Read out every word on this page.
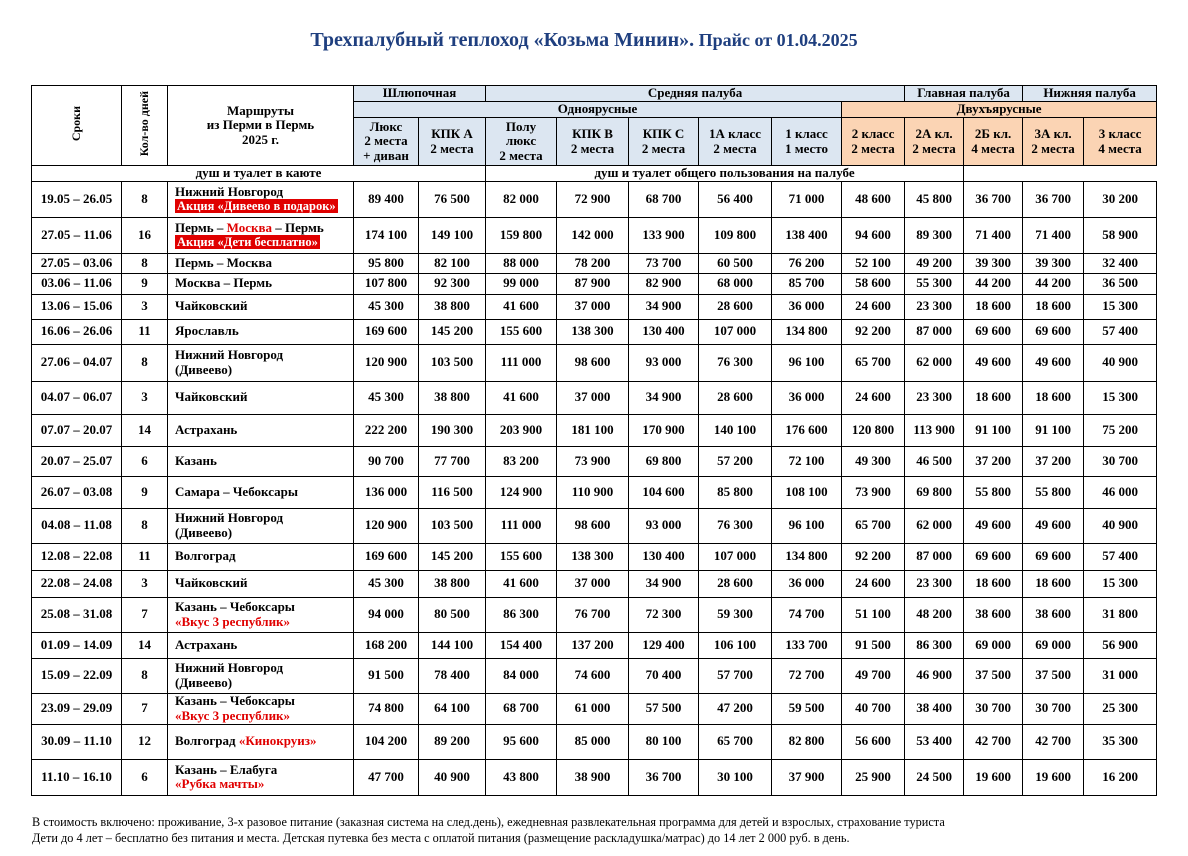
Трехпалубный теплоход «Козьма Минин». Прайс от 01.04.2025
Сроки	Кол-во дней	Маршруты
из Перми в Пермь
2025 г.	Шлюпочная		Средняя палуба						Главная палуба		Нижняя палуба	
			Одноярусные							Двухъярусные				
			Люкс
2 места
+ диван	КПК А
2 места	Полу
люкс
2 места	КПК В
2 места	КПК С
2 места	1А класс
2 места	1 класс
1 место	2 класс
2 места	2А кл.
2 места	2Б кл.
4 места	3А кл.
2 места	3 класс
4 места
душ и туалет в каюте					душ и туалет общего пользования на палубе									
19.05 – 26.05	8	Нижний Новгород
Акция «Дивеево в подарок»	89 400	76 500	82 000	72 900	68 700	56 400	71 000	48 600	45 800	36 700	36 700	30 200
27.05 – 11.06	16	Пермь – Москва – Пермь
Акция «Дети бесплатно»	174 100	149 100	159 800	142 000	133 900	109 800	138 400	94 600	89 300	71 400	71 400	58 900
27.05 – 03.06	8	Пермь – Москва	95 800	82 100	88 000	78 200	73 700	60 500	76 200	52 100	49 200	39 300	39 300	32 400
03.06 – 11.06	9	Москва – Пермь	107 800	92 300	99 000	87 900	82 900	68 000	85 700	58 600	55 300	44 200	44 200	36 500
13.06 – 15.06	3	Чайковский	45 300	38 800	41 600	37 000	34 900	28 600	36 000	24 600	23 300	18 600	18 600	15 300
16.06 – 26.06	11	Ярославль	169 600	145 200	155 600	138 300	130 400	107 000	134 800	92 200	87 000	69 600	69 600	57 400
27.06 – 04.07	8	Нижний Новгород
(Дивеево)	120 900	103 500	111 000	98 600	93 000	76 300	96 100	65 700	62 000	49 600	49 600	40 900
04.07 – 06.07	3	Чайковский	45 300	38 800	41 600	37 000	34 900	28 600	36 000	24 600	23 300	18 600	18 600	15 300
07.07 – 20.07	14	Астрахань	222 200	190 300	203 900	181 100	170 900	140 100	176 600	120 800	113 900	91 100	91 100	75 200
20.07 – 25.07	6	Казань	90 700	77 700	83 200	73 900	69 800	57 200	72 100	49 300	46 500	37 200	37 200	30 700
26.07 – 03.08	9	Самара – Чебоксары	136 000	116 500	124 900	110 900	104 600	85 800	108 100	73 900	69 800	55 800	55 800	46 000
04.08 – 11.08	8	Нижний Новгород
(Дивеево)	120 900	103 500	111 000	98 600	93 000	76 300	96 100	65 700	62 000	49 600	49 600	40 900
12.08 – 22.08	11	Волгоград	169 600	145 200	155 600	138 300	130 400	107 000	134 800	92 200	87 000	69 600	69 600	57 400
22.08 – 24.08	3	Чайковский	45 300	38 800	41 600	37 000	34 900	28 600	36 000	24 600	23 300	18 600	18 600	15 300
25.08 – 31.08	7	Казань – Чебоксары
«Вкус 3 республик»	94 000	80 500	86 300	76 700	72 300	59 300	74 700	51 100	48 200	38 600	38 600	31 800
01.09 – 14.09	14	Астрахань	168 200	144 100	154 400	137 200	129 400	106 100	133 700	91 500	86 300	69 000	69 000	56 900
15.09 – 22.09	8	Нижний Новгород
(Дивеево)	91 500	78 400	84 000	74 600	70 400	57 700	72 700	49 700	46 900	37 500	37 500	31 000
23.09 – 29.09	7	Казань – Чебоксары
«Вкус 3 республик»	74 800	64 100	68 700	61 000	57 500	47 200	59 500	40 700	38 400	30 700	30 700	25 300
30.09 – 11.10	12	Волгоград «Кинокруиз»	104 200	89 200	95 600	85 000	80 100	65 700	82 800	56 600	53 400	42 700	42 700	35 300
11.10 – 16.10	6	Казань – Елабуга
«Рубка мачты»	47 700	40 900	43 800	38 900	36 700	30 100	37 900	25 900	24 500	19 600	19 600	16 200
В стоимость включено: проживание, 3-х разовое питание (заказная система на след.день), ежедневная развлекательная программа для детей и взрослых, страхование туриста
Дети до 4 лет – бесплатно без питания и места. Детская путевка без места с оплатой питания (размещение раскладушка/матрас) до 14 лет 2 000 руб. в день.
